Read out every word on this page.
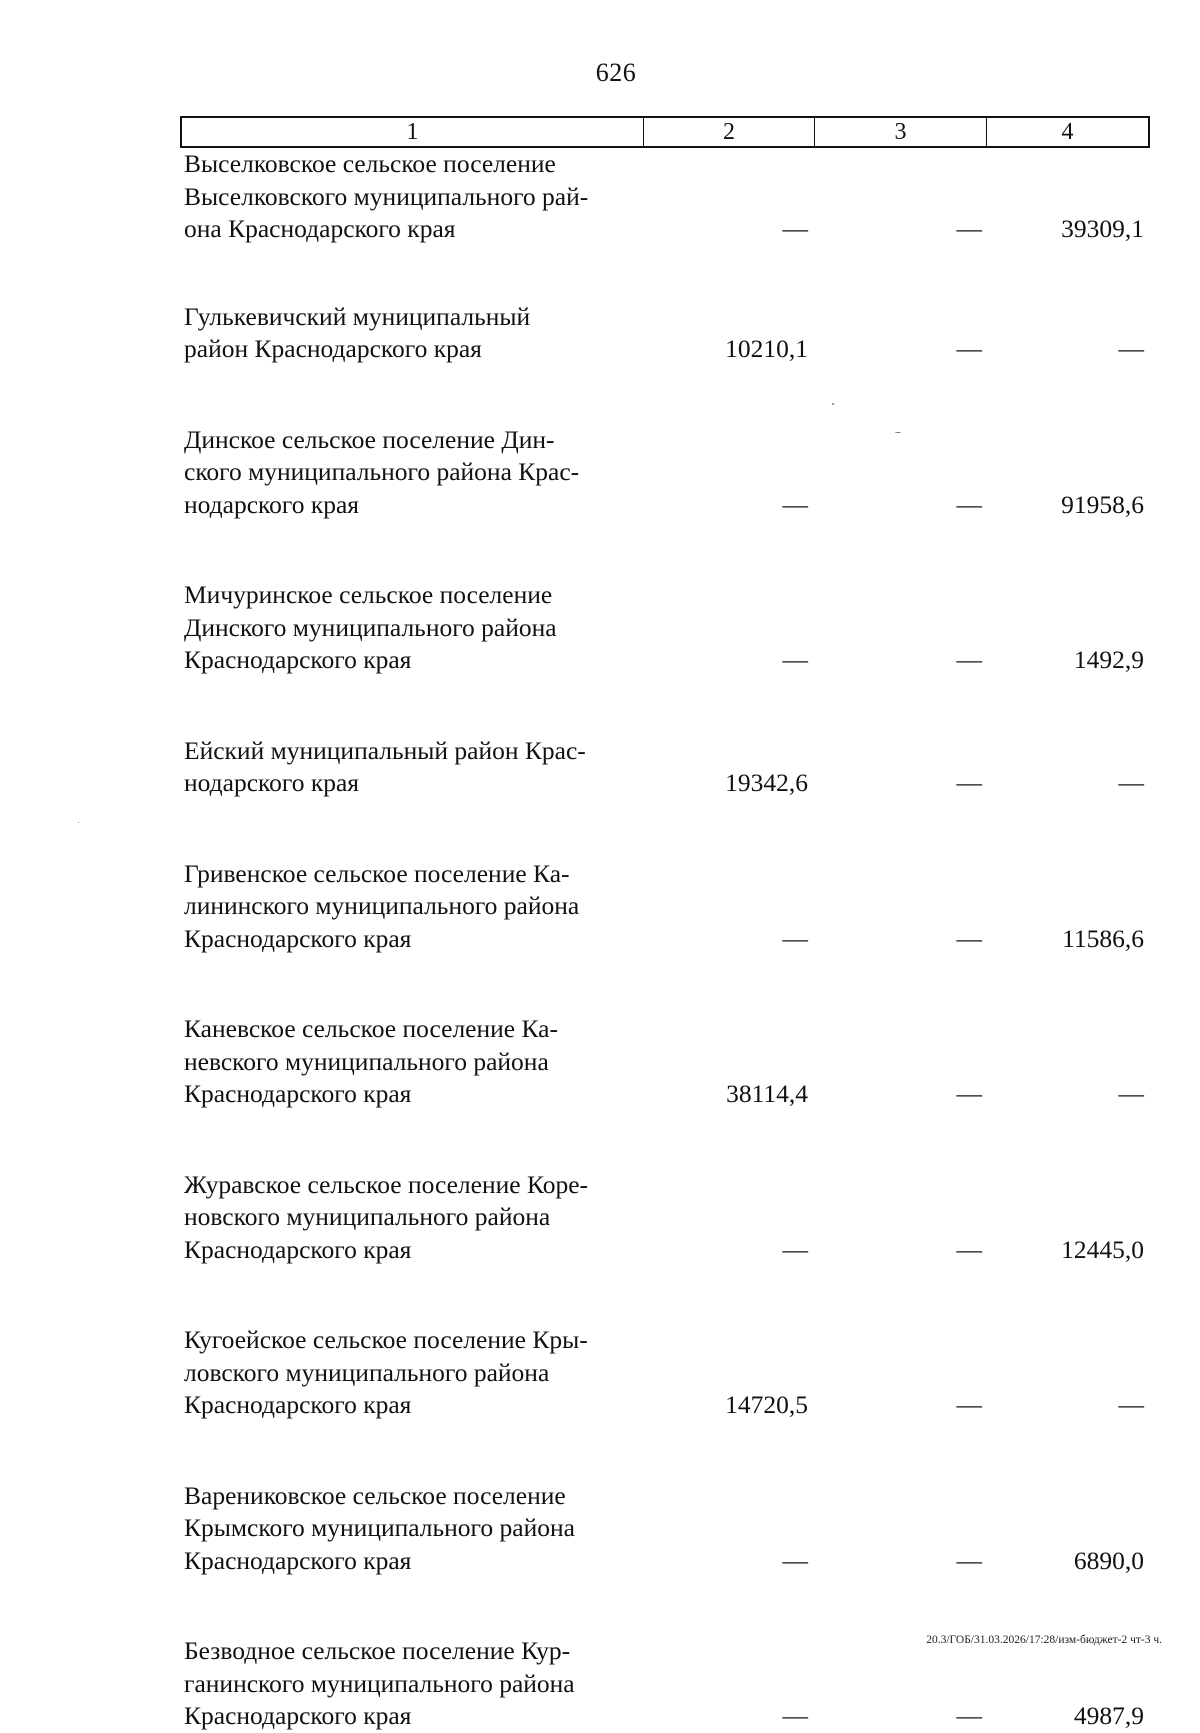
626
1	2	3	4
Выселковское сельское поселение
Выселковского муниципального рай-
она Краснодарского края	—	—	39309,1
Гулькевичский муниципальный
район Краснодарского края	10210,1	—	—
Динское сельское поселение Дин-
ского муниципального района Крас-
нодарского края	—	—	91958,6
Мичуринское сельское поселение
Динского муниципального района
Краснодарского края	—	—	1492,9
Ейский муниципальный район Крас-
нодарского края	19342,6	—	—
Гривенское сельское поселение Ка-
лининского муниципального района
Краснодарского края	—	—	11586,6
Каневское сельское поселение Ка-
невского муниципального района
Краснодарского края	38114,4	—	—
Журавское сельское поселение Коре-
новского муниципального района
Краснодарского края	—	—	12445,0
Кугоейское сельское поселение Кры-
ловского муниципального района
Краснодарского края	14720,5	—	—
Варениковское сельское поселение
Крымского муниципального района
Краснодарского края	—	—	6890,0
Безводное сельское поселение Кур-
ганинского муниципального района
Краснодарского края	—	—	4987,9
20.3/ГОБ/31.03.2026/17:28/изм-бюджет-2 чт-3 ч.
